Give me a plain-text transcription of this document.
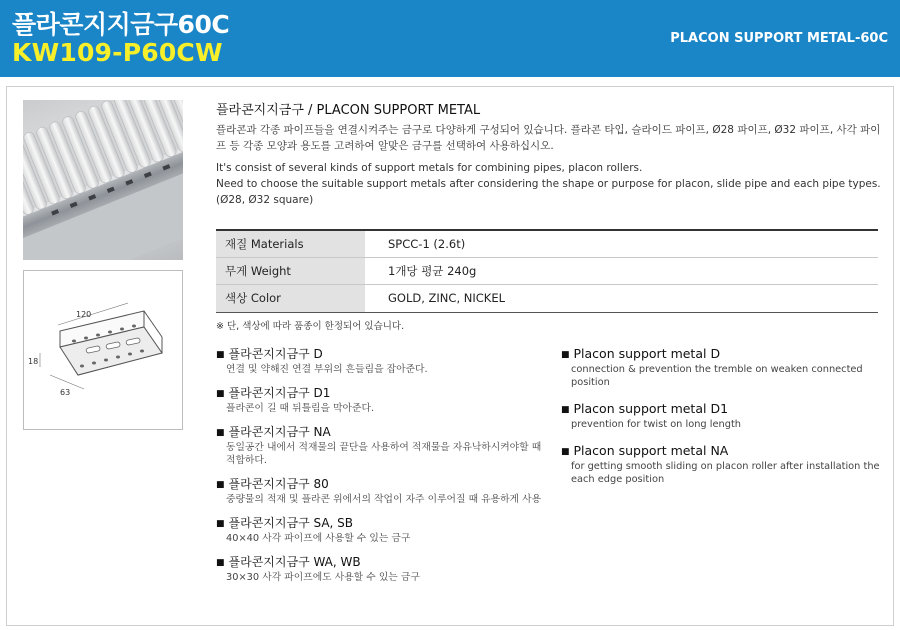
플라콘지지금구60C
KW109-P60CW	PLACON SUPPORT METAL-60C
120
18
63
플라콘지지금구 / PLACON SUPPORT METAL
플라콘과 각종 파이프들을 연결시켜주는 금구로 다양하게 구성되어 있습니다. 플라콘 타입, 슬라이드 파이프, Ø28 파이프, Ø32 파이프, 사각 파이프 등 각종 모양과 용도를 고려하여 알맞은 금구를 선택하여 사용하십시오.
It's consist of several kinds of support metals for combining pipes, placon rollers.
Need to choose the suitable support metals after considering the shape or purpose for placon, slide pipe and each pipe types. (Ø28, Ø32 square)
재질 Materials	SPCC-1 (2.6t)
무게 Weight	1개당 평균 240g
색상 Color	GOLD, ZINC, NICKEL
※ 단, 색상에 따라 품종이 한정되어 있습니다.
■ 플라콘지지금구 D
연결 및 약해진 연결 부위의 흔들림을 잡아준다.
■ 플라콘지지금구 D1
플라콘이 길 때 뒤틀림을 막아준다.
■ 플라콘지지금구 NA
동일공간 내에서 적재물의 끝단을 사용하여 적재물을 자유낙하시켜야할 때 적합하다.
■ 플라콘지지금구 80
중량물의 적재 및 플라콘 위에서의 작업이 자주 이루어질 때 유용하게 사용
■ 플라콘지지금구 SA, SB
40×40 사각 파이프에 사용할 수 있는 금구
■ 플라콘지지금구 WA, WB
30×30 사각 파이프에도 사용할 수 있는 금구
■ Placon support metal D
connection & prevention the tremble on weaken connected position
■ Placon support metal D1
prevention for twist on long length
■ Placon support metal NA
for getting smooth sliding on placon roller after installation the each edge position
